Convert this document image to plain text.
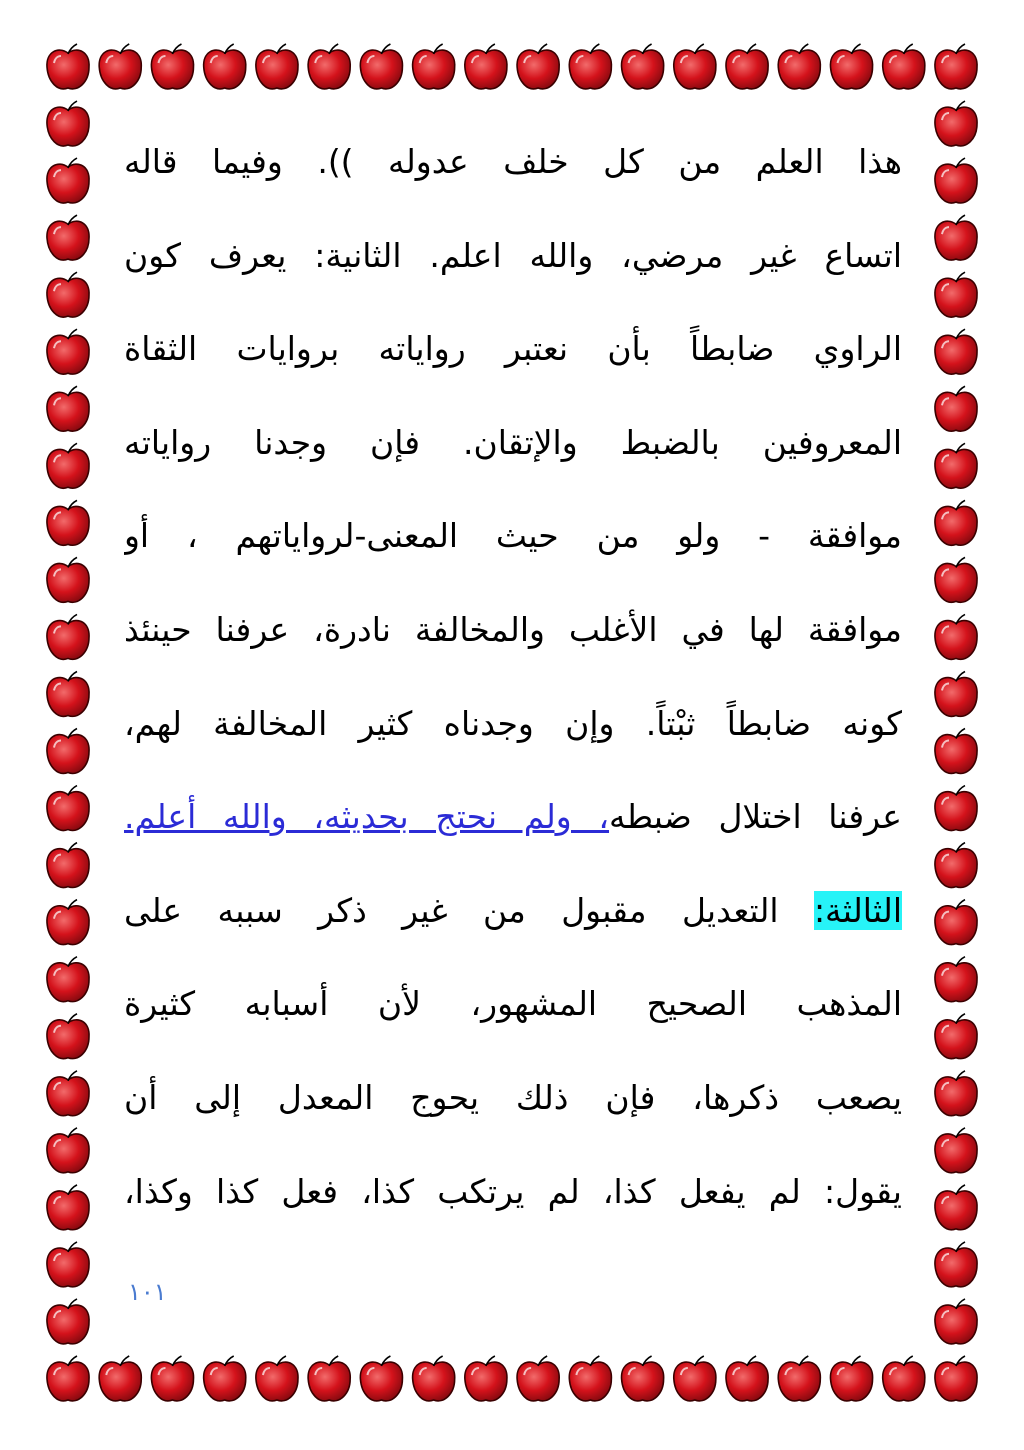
هذا العلم من كل خلف عدوله )). وفيما قاله
اتساع غير مرضي، والله اعلم. الثانية: يعرف كون
الراوي ضابطاً بأن نعتبر رواياته بروايات الثقاة
المعروفين بالضبط والإتقان. فإن وجدنا رواياته
موافقة - ولو من حيث المعنى-لرواياتهم ، أو
موافقة لها في الأغلب والمخالفة نادرة، عرفنا حينئذ
كونه ضابطاً ثبْتاً. وإن وجدناه كثير المخالفة لهم،
عرفنا اختلال ضبطه، ولم نحتج بحديثه، والله أعلم.
الثالثة: التعديل مقبول من غير ذكر سببه على
المذهب الصحيح المشهور، لأن أسبابه كثيرة
يصعب ذكرها، فإن ذلك يحوج المعدل إلى أن
يقول: لم يفعل كذا، لم يرتكب كذا، فعل كذا وكذا،
١٠١
